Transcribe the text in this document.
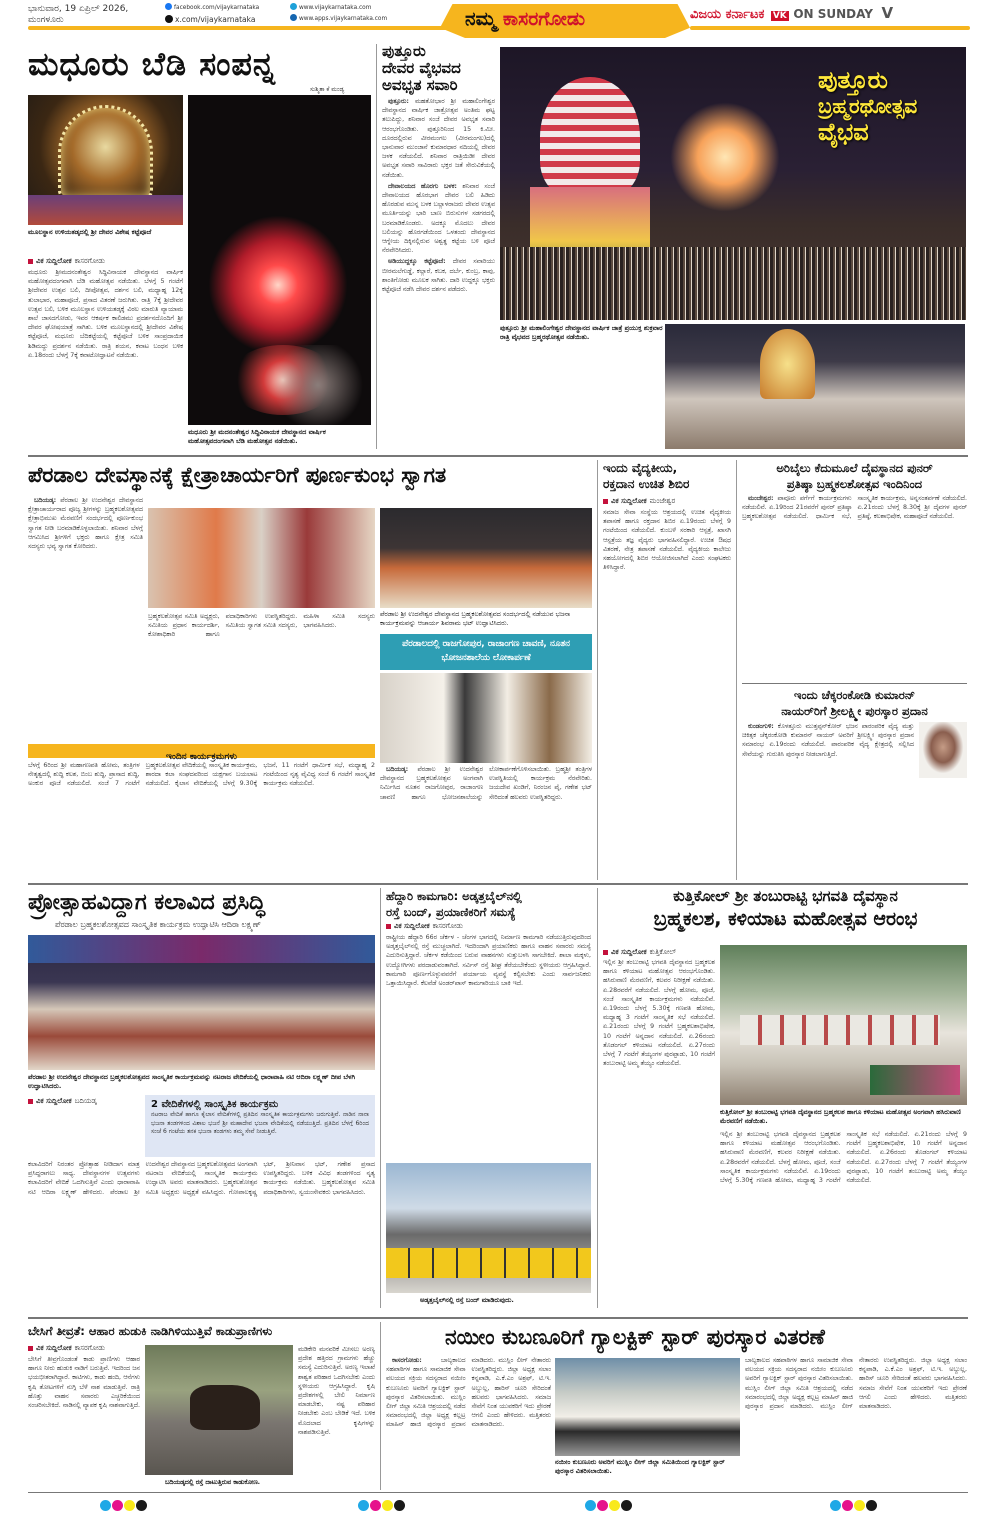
ಭಾನುವಾರ, 19 ಏಪ್ರಿಲ್ 2026,
ಮಂಗಳೂರು
facebook.com/vijaykarnataka
x.com/vijaykarnataka
www.vijaykarnataka.com
www.apps.vijaykarnataka.com	ನಮ್ಮ ಕಾಸರಗೋಡು	ವಿಜಯ ಕರ್ನಾಟಕ VK ON SUNDAY V
ಮಧೂರು ಬೆಡಿ ಸಂಪನ್ನ
ಸುಶ್ಮಿತಾ ಕೆ ಮಂಡ್ಯ
ಮೂಲಸ್ಥಾನ ಉಳಿಯತಡ್ಕದಲ್ಲಿ ಶ್ರೀ ದೇವರ ವಿಶೇಷ ಕಟ್ಟೆಪೂಜೆ
ವಿಕ ಸುದ್ದಿಲೋಕ ಕಾಸರಗೋಡು
ಮಧೂರು ಶ್ರೀಮದನಂತೇಶ್ವರ ಸಿದ್ಧಿವಿನಾಯಕ ದೇವಸ್ಥಾನದ ವಾರ್ಷಿಕ ಮಹೋತ್ಸವದಂಗವಾಗಿ ಬೆಡಿ ಮಹೋತ್ಸವ ನಡೆಯಿತು. ಬೆಳಗ್ಗೆ 5 ಗಂಟೆಗೆ ಶ್ರೀದೇವರ ಉತ್ಸವ ಬಲಿ, ದೀಪೋತ್ಸವ, ದರ್ಶನ ಬಲಿ, ಮಧ್ಯಾಹ್ನ 12ಕ್ಕೆ ತುಲಾಭಾರ, ಮಹಾಪೂಜೆ, ಪ್ರಸಾದ ವಿತರಣೆ ಜರುಗಿತು. ರಾತ್ರಿ 7ಕ್ಕೆ ಶ್ರೀದೇವರ ಉತ್ಸವ ಬಲಿ, ಬಳಿಕ ಮೂಲಸ್ಥಾನ ಉಳಿಯತಡ್ಕಕ್ಕೆ ವಿಠಲ ಮಾರುತಿ ವ್ಯಾಯಾಮ ಶಾಲೆ ಜಾಸದಗೋಡು, ಇವರ ಆಕರ್ಷಕ ಕಾಲಿಡಮು ಪ್ರದರ್ಶನದೊಂದಿಗೆ ಶ್ರೀ ದೇವರ ಘೋಷಯಾತ್ರೆ ಸಾಗಿತು. ಬಳಿಕ ಮೂಲಸ್ಥಾನದಲ್ಲಿ ಶ್ರೀದೇವರ ವಿಶೇಷ ಕಟ್ಟೆಪೂಜೆ, ಮಧೂರು ಬೆದಿಕಟ್ಟೆಯಲ್ಲಿ ಕಟ್ಟೆಪೂಜೆ ಬಳಿಕ ಸಾಂಪ್ರದಾಯಿಕ ಶಿಡಿಮದ್ದು ಪ್ರದರ್ಶನ ನಡೆಯಿತು. ರಾತ್ರಿ ಶಯನ, ಕವಾಟ ಬಂಧನ ಬಳಿಕ ಏ.18ರಂದು ಬೆಳಗ್ಗೆ 7ಕ್ಕೆ ಕವಾಟೋದ್ಘಾಟನೆ ನಡೆಯಿತು.
ಮಧೂರು ಶ್ರೀ ಮದನಂತೇಶ್ವರ ಸಿದ್ಧಿವಿನಾಯಕ ದೇವಸ್ಥಾನದ ವಾರ್ಷಿಕ ಮಹೋತ್ಸವದಂಗವಾಗಿ ಬೆಡಿ ಮಹೋತ್ಸವ ನಡೆಯಿತು.
ಪುತ್ತೂರು
ದೇವರ ವೈಭವದ
ಅವಭೃತ ಸವಾರಿ

ಪುತ್ತೂರು: ಮಹತೋಭಾರ ಶ್ರೀ ಮಹಾಲಿಂಗೇಶ್ವರ ದೇವಸ್ಥಾನದ ವಾರ್ಷಿಕ ಜಾತ್ರೋತ್ಸವ ಅಂತಿಮ ಘಟ್ಟ ತಲುಪಿದ್ದು, ಶನಿವಾರ ಸಂಜೆ ದೇವರ ಅವಭೃತ ಸವಾರಿ ಆರಂಭಗೊಂಡಿತು. ಪುತ್ತೂರಿನಿಂದ 15 ಕಿ.ಮೀ. ದೂರದಲ್ಲಿರುವ ವೀರಮಂಗಲ (ವೀರಮಂಗಲ)ದಲ್ಲಿ ಭಾನುವಾರ ಮುಂಜಾನೆ ಕುಮಾರಧಾರ ನದಿಯಲ್ಲಿ ದೇವರ ಜಳಕ ನಡೆಯಲಿದೆ. ಶನಿವಾರ ರಾತ್ರಿಯಿಡೀ ದೇವರ ಅವಭೃತ ಸವಾರಿ ಸಾವಿರಾರು ಭಕ್ತರ ಜತೆ ಸೇರುವಿಕೆಯಲ್ಲಿ ನಡೆಯಿತು.

ದೇವಾಲಯದ ಹೊರಗು ಬಳಕ: ಶನಿವಾರ ಸಂಜೆ ದೇವಾಲಯದ ಹೊರಭಾಗ ದೇವರ ಬಲಿ ಹಿಡಿದು ಹೊರಡುವ ಮುನ್ನ ಬಳಕ ಬಲ್ಲಾಳರಾಜರು ದೇವರ ಉತ್ಸವ ಮೂರ್ತಿಯನ್ನು ಭಾರಿ ಬಾಣ ಬಿರುಸುಗಳ ಸಡಗರದಲ್ಲಿ ಬರಮಾಡಿಕೊಂಡರು. ಅದಕ್ಕೂ ಮೊದಲು ದೇವರ ಬಲಿಯನ್ನು ಹೊರಗಡೆಯಿಂದ ಒಳತಂದು ದೇವಸ್ಥಾನದ ಆಗ್ನೇಯ ದಿಕ್ಕಿನಲ್ಲಿರುವ ಅಶ್ವತ್ಥ ಕಟ್ಟೆಯ ಬಳಿ ಪೂಜೆ ನೆರವೇರಿಸಿದರು.

ಅಡಿಯುದ್ದಕ್ಕೂ ಕಟ್ಟೆಪೂಜೆ: ದೇವರ ಸವಾರಿಯು ಬೀರಮಲೆಗುಡ್ಡೆ, ಕಲ್ಲಾರೆ, ಕಬಕ, ದರ್ಬೆ, ಕುಂಬ್ರ, ಕಾವು, ಶಾಂತಿಗೋಡು ಮೂಲಕ ಸಾಗಿತು. ದಾರಿ ಉದ್ದಕ್ಕೂ ಭಕ್ತರು ಕಟ್ಟೆಪೂಜೆ ನಡೆಸಿ ದೇವರ ದರ್ಶನ ಪಡೆದರು.

ಪುತ್ತೂರು
ಬ್ರಹ್ಮರಥೋತ್ಸವ
ವೈಭವ
ಪುತ್ತೂರು ಶ್ರೀ ಮಹಾಲಿಂಗೇಶ್ವರ ದೇವಸ್ಥಾನದ ವಾರ್ಷಿಕ ಜಾತ್ರೆ ಪ್ರಯುಕ್ತ ಶುಕ್ರವಾರ ರಾತ್ರಿ ವೈಭವದ ಬ್ರಹ್ಮರಥೋತ್ಸವ ನಡೆಯಿತು.
ಪೆರಡಾಲ ದೇವಸ್ಥಾನಕ್ಕೆ ಕ್ಷೇತ್ರಾಚಾರ್ಯರಿಗೆ ಪೂರ್ಣಕುಂಭ ಸ್ವಾಗತ

ಬದಿಯಡ್ಕ: ಪೆರಡಾಲ ಶ್ರೀ ಉದನೇಶ್ವರ ದೇವಸ್ಥಾನದ ಕ್ಷೇತ್ರಾಚಾರ್ಯರಾದ ಪೂಜ್ಯ ಶ್ರೀಗಳನ್ನು ಬ್ರಹ್ಮಕಲಶೋತ್ಸವದ ಕ್ಷೇತ್ರಾಭಿಮುಖ ಮೆರವಣಿಗೆ ಸಂದರ್ಭದಲ್ಲಿ ಪೂರ್ಣಕುಂಭ ಸ್ವಾಗತ ನೀಡಿ ಬರಮಾಡಿಕೊಳ್ಳಲಾಯಿತು. ಶನಿವಾರ ಬೆಳಗ್ಗೆ ಆಗಮಿಸಿದ ಶ್ರೀಗಳಿಗೆ ಭಕ್ತರು ಹಾಗೂ ಕ್ಷೇತ್ರ ಸಮಿತಿ ಸದಸ್ಯರು ಭವ್ಯ ಸ್ವಾಗತ ಕೋರಿದರು.

ಬ್ರಹ್ಮಕಲಶೋತ್ಸವ ಸಮಿತಿ ಅಧ್ಯಕ್ಷರು, ಸಮಿತಿಯ ಪ್ರಧಾನ ಕಾರ್ಯದರ್ಶಿ, ಕೋಶಾಧಿಕಾರಿ ಹಾಗೂ ಪದಾಧಿಕಾರಿಗಳು ಉಪಸ್ಥಿತರಿದ್ದರು. ಸಮಿತಿಯ ಸ್ವಾಗತ ಸಮಿತಿ ಸದಸ್ಯರು, ಮಹಿಳಾ ಸಮಿತಿ ಸದಸ್ಯರು ಭಾಗವಹಿಸಿದರು.
ಪೆರಡಾಲ ಶ್ರೀ ಉದನೇಶ್ವರ ದೇವಸ್ಥಾನದ ಬ್ರಹ್ಮಕಲಶೋತ್ಸವದ ಸಂದರ್ಭದಲ್ಲಿ ನಡೆಯುವ ಭಜನಾ ಕಾರ್ಯಕ್ರಮವನ್ನು ಆಚಾರ್ಯ ಶಿವರಾಮ ಭಟ್ ಉದ್ಘಾಟಿಸಿದರು.
ಇಂದಿನ ಕಾರ್ಯಕ್ರಮಗಳು
ಬೆಳಗ್ಗೆ 6ರಿಂದ ಶ್ರೀ ಮಹಾಗಣಪತಿ ಹೋಮ, ತಂತ್ರಿಗಳ ನೇತೃತ್ವದಲ್ಲಿ ಶುದ್ಧಿ ಕಲಶ, ಬಿಂಬ ಶುದ್ಧಿ, ಪ್ರಾಸಾದ ಶುದ್ಧಿ, ಅಂಕುರ ಪೂಜೆ ನಡೆಯಲಿದೆ. ಸಂಜೆ 7 ಗಂಟೆಗೆ ಬ್ರಹ್ಮಕಲಶೋತ್ಸವ ವೇದಿಕೆಯಲ್ಲಿ ಸಾಂಸ್ಕೃತಿಕ ಕಾರ್ಯಕ್ರಮ, ಶಾರದಾ ಕಲಾ ಸಂಘದವರಿಂದ ಯಕ್ಷಗಾನ ಬಯಲಾಟ ನಡೆಯಲಿದೆ. ಕೈಲಾಸ ವೇದಿಕೆಯಲ್ಲಿ ಬೆಳಗ್ಗೆ 9.30ಕ್ಕೆ ಭಜನೆ, 11 ಗಂಟೆಗೆ ಧಾರ್ಮಿಕ ಸಭೆ, ಮಧ್ಯಾಹ್ನ 2 ಗಂಟೆಯಿಂದ ನೃತ್ಯ ವೈವಿಧ್ಯ ಸಂಜೆ 6 ಗಂಟೆಗೆ ಸಾಂಸ್ಕೃತಿಕ ಕಾರ್ಯಕ್ರಮ ನಡೆಯಲಿದೆ.
ಪೆರಡಾಲದಲ್ಲಿ ರಾಜಗೋಪುರ, ರಾಜಾಂಗಣ ಚಾವಣಿ, ನೂತನ ಭೋಜನಶಾಲೆಯ ಲೋಕಾರ್ಪಣೆ

ಬದಿಯಡ್ಕ: ಪೆರಡಾಲ ಶ್ರೀ ಉದನೇಶ್ವರ ದೇವಸ್ಥಾನದ ಬ್ರಹ್ಮಕಲಶೋತ್ಸವ ಅಂಗವಾಗಿ ನಿರ್ಮಿಸಿದ ನೂತನ ರಾಜಗೋಪುರ, ರಾಜಾಂಗಣ ಚಾವಣಿ ಹಾಗೂ ಭೋಜನಶಾಲೆಯನ್ನು ಲೋಕಾರ್ಪಣೆಗೊಳಿಸಲಾಯಿತು. ಬ್ರಹ್ಮಶ್ರೀ ತಂತ್ರಿಗಳ ಉಪಸ್ಥಿತಿಯಲ್ಲಿ ಕಾರ್ಯಕ್ರಮ ನೆರವೇರಿತು. ಜಯದೇವ ಖಂಡಿಗೆ, ನಿರಂಜನ ಪೈ, ಗಣೇಶ ಭಟ್ ಸೇರಿದಂತೆ ಹಲವರು ಉಪಸ್ಥಿತರಿದ್ದರು.

ಇಂದು ವೈದ್ಯಕೀಯ,
ರಕ್ತದಾನ ಉಚಿತ ಶಿಬಿರ
ವಿಕ ಸುದ್ದಿಲೋಕ ಮಂಜೇಶ್ವರ
ಸಮಾಜ ಸೇವಾ ಸಂಸ್ಥೆಯ ಆಶ್ರಯದಲ್ಲಿ ಉಚಿತ ವೈದ್ಯಕೀಯ ತಪಾಸಣೆ ಹಾಗೂ ರಕ್ತದಾನ ಶಿಬಿರ ಏ.19ರಂದು ಬೆಳಗ್ಗೆ 9 ಗಂಟೆಯಿಂದ ನಡೆಯಲಿದೆ. ಕುಂಬಳೆ ಸರಕಾರಿ ಆಸ್ಪತ್ರೆ, ಖಾಸಗಿ ಆಸ್ಪತ್ರೆಯ ತಜ್ಞ ವೈದ್ಯರು ಭಾಗವಹಿಸಲಿದ್ದಾರೆ. ಉಚಿತ ಔಷಧ ವಿತರಣೆ, ನೇತ್ರ ತಪಾಸಣೆ ನಡೆಯಲಿದೆ. ವೈದ್ಯಕೀಯ ಕಾಲೇಜು ಸಹಯೋಗದಲ್ಲಿ ಶಿಬಿರ ಆಯೋಜಿಸಲಾಗಿದೆ ಎಂದು ಸಂಘಟಕರು ತಿಳಿಸಿದ್ದಾರೆ.
ಅರಿಬೈಲು ಕೆದುಮೂಲೆ ದೈವಸ್ಥಾನದ ಪುನರ್
ಪ್ರತಿಷ್ಠಾ ಬ್ರಹ್ಮಕಲಶೋತ್ಸವ ಇಂದಿನಿಂದ

ಮಂಜೇಶ್ವರ: ಪಾವೂರು ಪರ್ಗೆಗೆ ಕಾರ್ಯಕ್ರಮಗಳು ನಡೆಯಲಿವೆ. ಏ.19ರಿಂದ 21ರವರೆಗೆ ಪುನರ್ ಪ್ರತಿಷ್ಠಾ ಬ್ರಹ್ಮಕಲಶೋತ್ಸವ ನಡೆಯಲಿದೆ. ಧಾರ್ಮಿಕ ಸಭೆ, ಸಾಂಸ್ಕೃತಿಕ ಕಾರ್ಯಕ್ರಮ, ಅನ್ನಸಂತರ್ಪಣೆ ನಡೆಯಲಿದೆ. ಏ.21ರಂದು ಬೆಳಗ್ಗೆ 8.30ಕ್ಕೆ ಶ್ರೀ ದೈವಗಳ ಪುನರ್ ಪ್ರತಿಷ್ಠೆ, ಕಲಶಾಭಿಷೇಕ, ಮಹಾಪೂಜೆ ನಡೆಯಲಿದೆ.

ಇಂದು ಚೆಕ್ಕರಂಕೋಡಿ ಕುಮಾರನ್
ನಾಯರ್‌ರಿಗೆ ಶ್ರೀಲಕ್ಷ್ಮೀ ಪುರಸ್ಕಾರ ಪ್ರದಾನ

ಕುಂಡಂಗುಳಿ: ಕೊಳತ್ತೂರು ಮುತ್ತಪ್ಪನ್‌ಕೋರ್ ಭಜನ ಪಾರಂಪರಿಕ ವೈದ್ಯ ಮತ್ತು ಚಿಕಿತ್ಸಕ ಚೆಕ್ಕರಂಕೋಡಿ ಕುಮಾರನ್ ನಾಯರ್ ಅವರಿಗೆ ಶ್ರೀಲಕ್ಷ್ಮೀ ಪುರಸ್ಕಾರ ಪ್ರದಾನ ಸಮಾರಂಭ ಏ.19ರಂದು ನಡೆಯಲಿದೆ. ಪಾರಂಪರಿಕ ವೈದ್ಯ ಕ್ಷೇತ್ರದಲ್ಲಿ ಸಲ್ಲಿಸಿದ ಸೇವೆಯನ್ನು ಗುರುತಿಸಿ ಪುರಸ್ಕಾರ ನೀಡಲಾಗುತ್ತಿದೆ.

ಪ್ರೋತ್ಸಾಹವಿದ್ದಾಗ ಕಲಾವಿದ ಪ್ರಸಿದ್ಧಿ
ಪೆರಡಾಲ ಬ್ರಹ್ಮಕಲಶೋತ್ಸವದ ಸಾಂಸ್ಕೃತಿಕ ಕಾರ್ಯಕ್ರಮ ಉದ್ಘಾಟಿಸಿ ಆದಿರಾ ಲಕ್ಷ್ಮಣ್
ಪೆರಡಾಲ ಶ್ರೀ ಉದನೇಶ್ವರ ದೇವಸ್ಥಾನದ ಬ್ರಹ್ಮಕಲಶೋತ್ಸವದ ಸಾಂಸ್ಕೃತಿಕ ಕಾರ್ಯಕ್ರಮವನ್ನು ನಟರಾಜ ವೇದಿಕೆಯಲ್ಲಿ ಧಾರಾವಾಹಿ ನಟಿ ಆದಿರಾ ಲಕ್ಷ್ಮಣ್ ದೀಪ ಬೆಳಗಿ ಉದ್ಘಾಟಿಸಿದರು.
ವಿಕ ಸುದ್ದಿಲೋಕ ಬದಿಯಡ್ಕ
ಕಲಾವಿದರಿಗೆ ನಿರಂತರ ಪ್ರೋತ್ಸಾಹ ನೀಡಿದಾಗ ಮಾತ್ರ ಪ್ರಸಿದ್ಧರಾಗಲು ಸಾಧ್ಯ. ದೇವಸ್ಥಾನಗಳ ಉತ್ಸವಗಳು ಕಲಾವಿದರಿಗೆ ವೇದಿಕೆ ಒದಗಿಸುತ್ತಿವೆ ಎಂದು ಧಾರಾವಾಹಿ ನಟಿ ಆದಿರಾ ಲಕ್ಷ್ಮಣ್ ಹೇಳಿದರು. ಪೆರಡಾಲ ಶ್ರೀ ಉದನೇಶ್ವರ ದೇವಸ್ಥಾನದ ಬ್ರಹ್ಮಕಲಶೋತ್ಸವದ ಅಂಗವಾಗಿ ನಟರಾಜ ವೇದಿಕೆಯಲ್ಲಿ ಸಾಂಸ್ಕೃತಿಕ ಕಾರ್ಯಕ್ರಮ ಉದ್ಘಾಟಿಸಿ ಅವರು ಮಾತನಾಡಿದರು. ಬ್ರಹ್ಮಕಲಶೋತ್ಸವ ಸಮಿತಿ ಅಧ್ಯಕ್ಷರು ಅಧ್ಯಕ್ಷತೆ ವಹಿಸಿದ್ದರು. ಗೋಪಾಲಕೃಷ್ಣ ಭಟ್, ಶ್ರೀನಿವಾಸ ಭಟ್, ಗಣೇಶ ಪ್ರಸಾದ ಉಪಸ್ಥಿತರಿದ್ದರು. ಬಳಿಕ ವಿವಿಧ ತಂಡಗಳಿಂದ ನೃತ್ಯ ಕಾರ್ಯಕ್ರಮ ನಡೆಯಿತು. ಬ್ರಹ್ಮಕಲಶೋತ್ಸವ ಸಮಿತಿ ಪದಾಧಿಕಾರಿಗಳು, ಸ್ವಯಂಸೇವಕರು ಭಾಗವಹಿಸಿದರು.
2 ವೇದಿಕೆಗಳಲ್ಲಿ ಸಾಂಸ್ಕೃತಿಕ ಕಾರ್ಯಕ್ರಮ
ನಟರಾಜ ವೇದಿಕೆ ಹಾಗೂ ಕೈಲಾಸ ವೇದಿಕೆಗಳಲ್ಲಿ ಪ್ರತಿದಿನ ಸಾಂಸ್ಕೃತಿಕ ಕಾರ್ಯಕ್ರಮಗಳು ಜರುಗುತ್ತಿವೆ. ನಾಡಿನ ನಾನಾ ಭಜನಾ ತಂಡಗಳಿಂದ ವಿಶಾಲ ಭಜನೆ ಶ್ರೀ ಮಹಾದೇವ ಭಜನಾ ವೇದಿಕೆಯಲ್ಲಿ ನಡೆಯುತ್ತಿದೆ. ಪ್ರತಿದಿನ ಬೆಳಗ್ಗೆ 6ರಿಂದ ಸಂಜೆ 6 ಗಂಟೆಯ ತನಕ ಭಜನಾ ತಂಡಗಳು ತಮ್ಮ ಸೇವೆ ನೀಡುತ್ತಿವೆ.
ಹೆದ್ದಾರಿ ಕಾಮಗಾರಿ: ಅಡ್ಕತ್ತಬೈಲ್‌ನಲ್ಲಿ
ರಸ್ತೆ ಬಂದ್, ಪ್ರಯಾಣಿಕರಿಗೆ ಸಮಸ್ಯೆ
ವಿಕ ಸುದ್ದಿಲೋಕ ಕಾಸರಗೋಡು
ರಾಷ್ಟ್ರೀಯ ಹೆದ್ದಾರಿ 66ರ ಚೆರ್ಕಳ - ಚೆಂಗಳ ಭಾಗದಲ್ಲಿ ನಿರ್ಮಾಣ ಕಾಮಗಾರಿ ನಡೆಯುತ್ತಿರುವುದರಿಂದ ಅಡ್ಕತ್ತಬೈಲ್‌ನಲ್ಲಿ ರಸ್ತೆ ಮುಚ್ಚಲಾಗಿದೆ. ಇದರಿಂದಾಗಿ ಪ್ರಯಾಣಿಕರು ಹಾಗೂ ವಾಹನ ಸವಾರರು ಸಮಸ್ಯೆ ಎದುರಿಸುತ್ತಿದ್ದಾರೆ. ಚೆರ್ಕಳ ಕಡೆಯಿಂದ ಬರುವ ವಾಹನಗಳು ಸುತ್ತುಬಳಸಿ ಸಾಗಬೇಕಿದೆ. ಶಾಲಾ ಮಕ್ಕಳು, ಉದ್ಯೋಗಿಗಳು ಪರದಾಡುವಂತಾಗಿದೆ. ಸರ್ವಿಸ್ ರಸ್ತೆ ಶೀಘ್ರ ತೆರೆಯಬೇಕೆಂದು ಸ್ಥಳೀಯರು ಆಗ್ರಹಿಸಿದ್ದಾರೆ. ಕಾಮಗಾರಿ ಪೂರ್ಣಗೊಳ್ಳುವವರೆಗೆ ಪರ್ಯಾಯ ವ್ಯವಸ್ಥೆ ಕಲ್ಪಿಸಬೇಕು ಎಂದು ಸಾರ್ವಜನಿಕರು ಒತ್ತಾಯಿಸಿದ್ದಾರೆ. ಕೆಲವೆಡೆ ಅಂಡರ್‌ಪಾಸ್ ಕಾಮಗಾರಿಯೂ ಬಾಕಿ ಇದೆ.
ಅಡ್ಕತ್ತಬೈಲ್‌ನಲ್ಲಿ ರಸ್ತೆ ಬಂದ್ ಮಾಡಿರುವುದು.
ಕುತ್ತಿಕೋಲ್ ಶ್ರೀ ತಂಬುರಾಟ್ಟಿ ಭಗವತಿ ದೈವಸ್ಥಾನ
ಬ್ರಹ್ಮಕಲಶ, ಕಳಿಯಾಟ ಮಹೋತ್ಸವ ಆರಂಭ
ವಿಕ ಸುದ್ದಿಲೋಕ ಕುತ್ತಿಕೋಲ್
ಕುತ್ತಿಕೋಲ್ ಶ್ರೀ ತಂಬುರಾಟ್ಟಿ ಭಗವತಿ ದೈವಸ್ಥಾನದ ಬ್ರಹ್ಮಕಲಶ ಹಾಗೂ ಕಳಿಯಾಟ ಮಹೋತ್ಸವ ಅಂಗವಾಗಿ ಹಸಿರುವಾಣಿ ಮೆರವಣಿಗೆ ನಡೆಯಿತು.
ಇಲ್ಲಿನ ಶ್ರೀ ತಂಬುರಾಟ್ಟಿ ಭಗವತಿ ದೈವಸ್ಥಾನದ ಬ್ರಹ್ಮಕಲಶ ಹಾಗೂ ಕಳಿಯಾಟ ಮಹೋತ್ಸವ ಆರಂಭಗೊಂಡಿತು. ಹಸಿರುವಾಣಿ ಮೆರವಣಿಗೆ, ಕಲವರ ನಿರೀಕ್ಷಣೆ ನಡೆಯಿತು. ಏ.28ರವರೆಗೆ ನಡೆಯಲಿದೆ. ಬೆಳಗ್ಗೆ ಹೋಮ, ಪೂಜೆ, ಸಂಜೆ ಸಾಂಸ್ಕೃತಿಕ ಕಾರ್ಯಕ್ರಮಗಳು ನಡೆಯಲಿವೆ. ಏ.19ರಂದು ಬೆಳಗ್ಗೆ 5.30ಕ್ಕೆ ಗಣಪತಿ ಹೋಮ, ಮಧ್ಯಾಹ್ನ 3 ಗಂಟೆಗೆ ಸಾಂಸ್ಕೃತಿಕ ಸಭೆ ನಡೆಯಲಿದೆ. ಏ.21ರಂದು ಬೆಳಗ್ಗೆ 9 ಗಂಟೆಗೆ ಬ್ರಹ್ಮಕಲಶಾಭಿಷೇಕ, 10 ಗಂಟೆಗೆ ಅನ್ನದಾನ ನಡೆಯಲಿದೆ. ಏ.26ರಂದು ತೊಡಂಗಲ್ ಕಳಿಯಾಟ ನಡೆಯಲಿದೆ. ಏ.27ರಂದು ಬೆಳಗ್ಗೆ 7 ಗಂಟೆಗೆ ತೆಯ್ಯಂಗಳ ಪುರಪ್ಪಾಡು, 10 ಗಂಟೆಗೆ ತಂಬುರಾಟ್ಟಿ ಅಮ್ಮ ತೆಯ್ಯಂ ನಡೆಯಲಿದೆ.
ಇಲ್ಲಿನ ಶ್ರೀ ತಂಬುರಾಟ್ಟಿ ಭಗವತಿ ದೈವಸ್ಥಾನದ ಬ್ರಹ್ಮಕಲಶ ಹಾಗೂ ಕಳಿಯಾಟ ಮಹೋತ್ಸವ ಆರಂಭಗೊಂಡಿತು. ಹಸಿರುವಾಣಿ ಮೆರವಣಿಗೆ, ಕಲವರ ನಿರೀಕ್ಷಣೆ ನಡೆಯಿತು. ಏ.28ರವರೆಗೆ ನಡೆಯಲಿದೆ. ಬೆಳಗ್ಗೆ ಹೋಮ, ಪೂಜೆ, ಸಂಜೆ ಸಾಂಸ್ಕೃತಿಕ ಕಾರ್ಯಕ್ರಮಗಳು ನಡೆಯಲಿವೆ. ಏ.19ರಂದು ಬೆಳಗ್ಗೆ 5.30ಕ್ಕೆ ಗಣಪತಿ ಹೋಮ, ಮಧ್ಯಾಹ್ನ 3 ಗಂಟೆಗೆ ಸಾಂಸ್ಕೃತಿಕ ಸಭೆ ನಡೆಯಲಿದೆ. ಏ.21ರಂದು ಬೆಳಗ್ಗೆ 9 ಗಂಟೆಗೆ ಬ್ರಹ್ಮಕಲಶಾಭಿಷೇಕ, 10 ಗಂಟೆಗೆ ಅನ್ನದಾನ ನಡೆಯಲಿದೆ. ಏ.26ರಂದು ತೊಡಂಗಲ್ ಕಳಿಯಾಟ ನಡೆಯಲಿದೆ. ಏ.27ರಂದು ಬೆಳಗ್ಗೆ 7 ಗಂಟೆಗೆ ತೆಯ್ಯಂಗಳ ಪುರಪ್ಪಾಡು, 10 ಗಂಟೆಗೆ ತಂಬುರಾಟ್ಟಿ ಅಮ್ಮ ತೆಯ್ಯಂ ನಡೆಯಲಿದೆ.
ಬೇಸಿಗೆ ತೀವ್ರತೆ: ಆಹಾರ ಹುಡುಕಿ ನಾಡಿಗಿಳಿಯುತ್ತಿವೆ ಕಾಡುಪ್ರಾಣಿಗಳು
ವಿಕ ಸುದ್ದಿಲೋಕ ಕಾಸರಗೋಡು
ಬೇಸಿಗೆ ತೀವ್ರಗೊಂಡಂತೆ ಕಾಡು ಪ್ರಾಣಿಗಳು ಆಹಾರ ಹಾಗೂ ನೀರು ಹುಡುಕಿ ನಾಡಿಗೆ ಬರುತ್ತಿವೆ. ಇದರಿಂದ ಜನ ಭಯಭೀತರಾಗಿದ್ದಾರೆ. ಕಾಟಿಗಳು, ಕಾಡು ಹಂದಿ, ಆನೆಗಳು ಕೃಷಿ ತೋಟಗಳಿಗೆ ನುಗ್ಗಿ ಬೆಳೆ ನಾಶ ಮಾಡುತ್ತಿವೆ. ರಾತ್ರಿ ಹೊತ್ತು ವಾಹನ ಸವಾರರು ಎಚ್ಚರಿಕೆಯಿಂದ ಸಂಚರಿಸಬೇಕಿದೆ. ನಾಡಿನಲ್ಲಿ ವ್ಯಾಪಕ ಕೃಷಿ ನಾಶವಾಗುತ್ತಿದೆ.
ಬದಿಯಡ್ಕದಲ್ಲಿ ರಸ್ತೆ ದಾಟುತ್ತಿರುವ ಕಾಡುಕೋಣ.
ಮಡಿಕೇರಿ ಮನವರಿಕೆ ಮೀಸಲು ಅರಣ್ಯ ಪ್ರದೇಶ ಹತ್ತಿರದ ಗ್ರಾಮಗಳು ಹೆಚ್ಚು ಸಮಸ್ಯೆ ಎದುರಿಸುತ್ತಿವೆ. ಅರಣ್ಯ ಇಲಾಖೆ ಶಾಶ್ವತ ಪರಿಹಾರ ಒದಗಿಸಬೇಕು ಎಂದು ಸ್ಥಳೀಯರು ಆಗ್ರಹಿಸಿದ್ದಾರೆ. ಕೃಷಿ ಪ್ರದೇಶಗಳಲ್ಲಿ ಬೇಲಿ ನಿರ್ಮಾಣ ಮಾಡಬೇಕು, ನಷ್ಟ ಪರಿಹಾರ ನೀಡಬೇಕು ಎಂಬ ಬೇಡಿಕೆ ಇದೆ. ಬಳಿಕ ಮೊದಲಾದ ಕೃಷಿಗಳನ್ನು ನಾಶಪಡಿಸುತ್ತಿವೆ.
ನಯೀಂ ಕುಬಣೂರಿಗೆ ಗ್ಯಾಲಕ್ಟಿಕ್ ಸ್ಟಾರ್ ಪುರಸ್ಕಾರ ವಿತರಣೆ

ಕಾಸರಗೋಡು:	ಬಾಲ್ಯಕಾಲದ ಸಹಪಾಠಿಗಳ ಹಾಗೂ ಸಾಮಾಜಿಕ ಸೇವಾ ವಲಯದ ಸಕ್ರಿಯ ಸದಸ್ಯರಾದ ನಯೀಂ ಕುಬಣೂರು ಅವರಿಗೆ ಗ್ಯಾಲಕ್ಟಿಕ್ ಸ್ಟಾರ್ ಪುರಸ್ಕಾರ ವಿತರಿಸಲಾಯಿತು. ಮುಸ್ಲಿಂ ಲೀಗ್ ಜಿಲ್ಲಾ ಸಮಿತಿ ಆಶ್ರಯದಲ್ಲಿ ನಡೆದ ಸಮಾರಂಭದಲ್ಲಿ ಜಿಲ್ಲಾ ಅಧ್ಯಕ್ಷ ಕಲ್ಲಟ್ರ ಮಾಹಿನ್ ಹಾಜಿ ಪುರಸ್ಕಾರ ಪ್ರದಾನ ಮಾಡಿದರು. ಮುಸ್ಲಿಂ ಲೀಗ್ ನೇತಾರರು ಉಪಸ್ಥಿತರಿದ್ದರು. ಜಿಲ್ಲಾ ಅಧ್ಯಕ್ಷ ಸಲಾಂ ಕನ್ನಪಾಡಿ, ಎ.ಕೆ.ಎಂ ಅಶ್ರಫ್, ಟಿ.ಇ. ಅಬ್ದುಲ್ಲ, ಹಾರಿಸ್ ಚೂರಿ ಸೇರಿದಂತೆ ಹಲವರು ಭಾಗವಹಿಸಿದರು. ಸಮಾಜ ಸೇವೆಗೆ ನಿಂತ ಯುವಕರಿಗೆ ಇದು ಪ್ರೇರಣೆ ಆಗಲಿ ಎಂದು ಹೇಳಿದರು. ಮತ್ತಿತರರು ಮಾತನಾಡಿದರು.

ನಯೀಂ ಕುಬಣೂರು ಅವರಿಗೆ ಮುಸ್ಲಿಂ ಲೀಗ್ ಜಿಲ್ಲಾ ಸಮಿತಿಯಿಂದ ಗ್ಯಾಲಕ್ಟಿಕ್ ಸ್ಟಾರ್ ಪುರಸ್ಕಾರ ವಿತರಿಸಲಾಯಿತು.
ಬಾಲ್ಯಕಾಲದ ಸಹಪಾಠಿಗಳ ಹಾಗೂ ಸಾಮಾಜಿಕ ಸೇವಾ ವಲಯದ ಸಕ್ರಿಯ ಸದಸ್ಯರಾದ ನಯೀಂ ಕುಬಣೂರು ಅವರಿಗೆ ಗ್ಯಾಲಕ್ಟಿಕ್ ಸ್ಟಾರ್ ಪುರಸ್ಕಾರ ವಿತರಿಸಲಾಯಿತು. ಮುಸ್ಲಿಂ ಲೀಗ್ ಜಿಲ್ಲಾ ಸಮಿತಿ ಆಶ್ರಯದಲ್ಲಿ ನಡೆದ ಸಮಾರಂಭದಲ್ಲಿ ಜಿಲ್ಲಾ ಅಧ್ಯಕ್ಷ ಕಲ್ಲಟ್ರ ಮಾಹಿನ್ ಹಾಜಿ ಪುರಸ್ಕಾರ ಪ್ರದಾನ ಮಾಡಿದರು. ಮುಸ್ಲಿಂ ಲೀಗ್ ನೇತಾರರು ಉಪಸ್ಥಿತರಿದ್ದರು. ಜಿಲ್ಲಾ ಅಧ್ಯಕ್ಷ ಸಲಾಂ ಕನ್ನಪಾಡಿ, ಎ.ಕೆ.ಎಂ ಅಶ್ರಫ್, ಟಿ.ಇ. ಅಬ್ದುಲ್ಲ, ಹಾರಿಸ್ ಚೂರಿ ಸೇರಿದಂತೆ ಹಲವರು ಭಾಗವಹಿಸಿದರು. ಸಮಾಜ ಸೇವೆಗೆ ನಿಂತ ಯುವಕರಿಗೆ ಇದು ಪ್ರೇರಣೆ ಆಗಲಿ ಎಂದು ಹೇಳಿದರು. ಮತ್ತಿತರರು ಮಾತನಾಡಿದರು.
